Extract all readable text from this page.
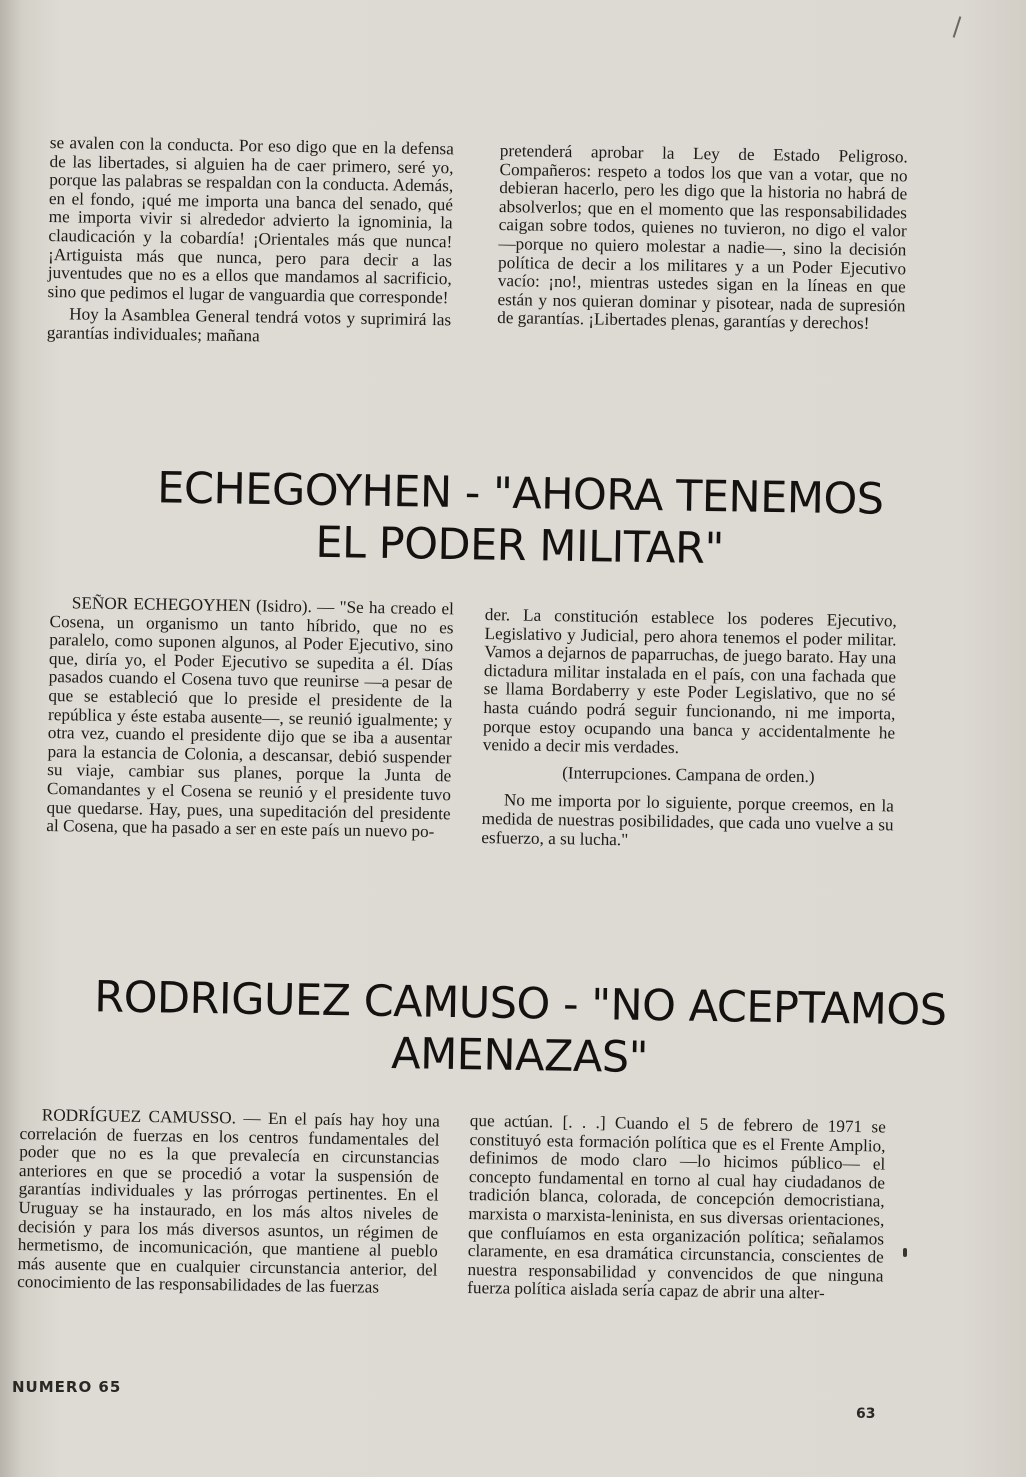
se avalen con la conducta. Por eso digo que en la defensa de las libertades, si alguien ha de caer primero, seré yo, porque las palabras se respaldan con la conducta. Además, en el fondo, ¡qué me importa una banca del senado, qué me importa vivir si alrededor advierto la ignominia, la claudicación y la cobardía! ¡Orientales más que nunca! ¡Artiguista más que nunca, pero para decir a las juventudes que no es a ellos que mandamos al sacrificio, sino que pedimos el lugar de vanguardia que corresponde!

Hoy la Asamblea General tendrá votos y suprimirá las garantías individuales; mañana

pretenderá aprobar la Ley de Estado Peligroso. Compañeros: respeto a todos los que van a votar, que no debieran hacerlo, pero les digo que la historia no habrá de absolverlos; que en el momento que las responsabilidades caigan sobre todos, quienes no tuvieron, no digo el valor —porque no quiero molestar a nadie—, sino la decisión política de decir a los militares y a un Poder Ejecutivo vacío: ¡no!, mientras ustedes sigan en la líneas en que están y nos quieran dominar y pisotear, nada de supresión de garantías. ¡Libertades plenas, garantías y derechos!

ECHEGOYHEN - "AHORA TENEMOS
EL PODER MILITAR"

SEÑOR ECHEGOYHEN (Isidro). — "Se ha creado el Cosena, un organismo un tanto híbrido, que no es paralelo, como suponen algunos, al Poder Ejecutivo, sino que, diría yo, el Poder Ejecutivo se supedita a él. Días pasados cuando el Cosena tuvo que reunirse —a pesar de que se estableció que lo preside el presidente de la república y éste estaba ausente—, se reunió igualmente; y otra vez, cuando el presidente dijo que se iba a ausentar para la estancia de Colonia, a descansar, debió suspender su viaje, cambiar sus planes, porque la Junta de Comandantes y el Cosena se reunió y el presidente tuvo que quedarse. Hay, pues, una supeditación del presidente al Cosena, que ha pasado a ser en este país un nuevo po-

der. La constitución establece los poderes Ejecutivo, Legislativo y Judicial, pero ahora tenemos el poder militar. Vamos a dejarnos de paparruchas, de juego barato. Hay una dictadura militar instalada en el país, con una fachada que se llama Bordaberry y este Poder Legislativo, que no sé hasta cuándo podrá seguir funcionando, ni me importa, porque estoy ocupando una banca y accidentalmente he venido a decir mis verdades.

(Interrupciones. Campana de orden.)

No me importa por lo siguiente, porque creemos, en la medida de nuestras posibilidades, que cada uno vuelve a su esfuerzo, a su lucha."

RODRIGUEZ CAMUSO - "NO ACEPTAMOS
AMENAZAS"

RODRÍGUEZ CAMUSSO. — En el país hay hoy una correlación de fuerzas en los centros fundamentales del poder que no es la que prevalecía en circunstancias anteriores en que se procedió a votar la suspensión de garantías individuales y las prórrogas pertinentes. En el Uruguay se ha instaurado, en los más altos niveles de decisión y para los más diversos asuntos, un régimen de hermetismo, de incomunicación, que mantiene al pueblo más ausente que en cualquier circunstancia anterior, del conocimiento de las responsabilidades de las fuerzas

que actúan. [. . .] Cuando el 5 de febrero de 1971 se constituyó esta formación política que es el Frente Amplio, definimos de modo claro —lo hicimos público— el concepto fundamental en torno al cual hay ciudadanos de tradición blanca, colorada, de concepción democristiana, marxista o marxista-leninista, en sus diversas orientaciones, que confluíamos en esta organización política; señalamos claramente, en esa dramática circunstancia, conscientes de nuestra responsabilidad y convencidos de que ninguna fuerza política aislada sería capaz de abrir una alter-

NUMERO 65
63
